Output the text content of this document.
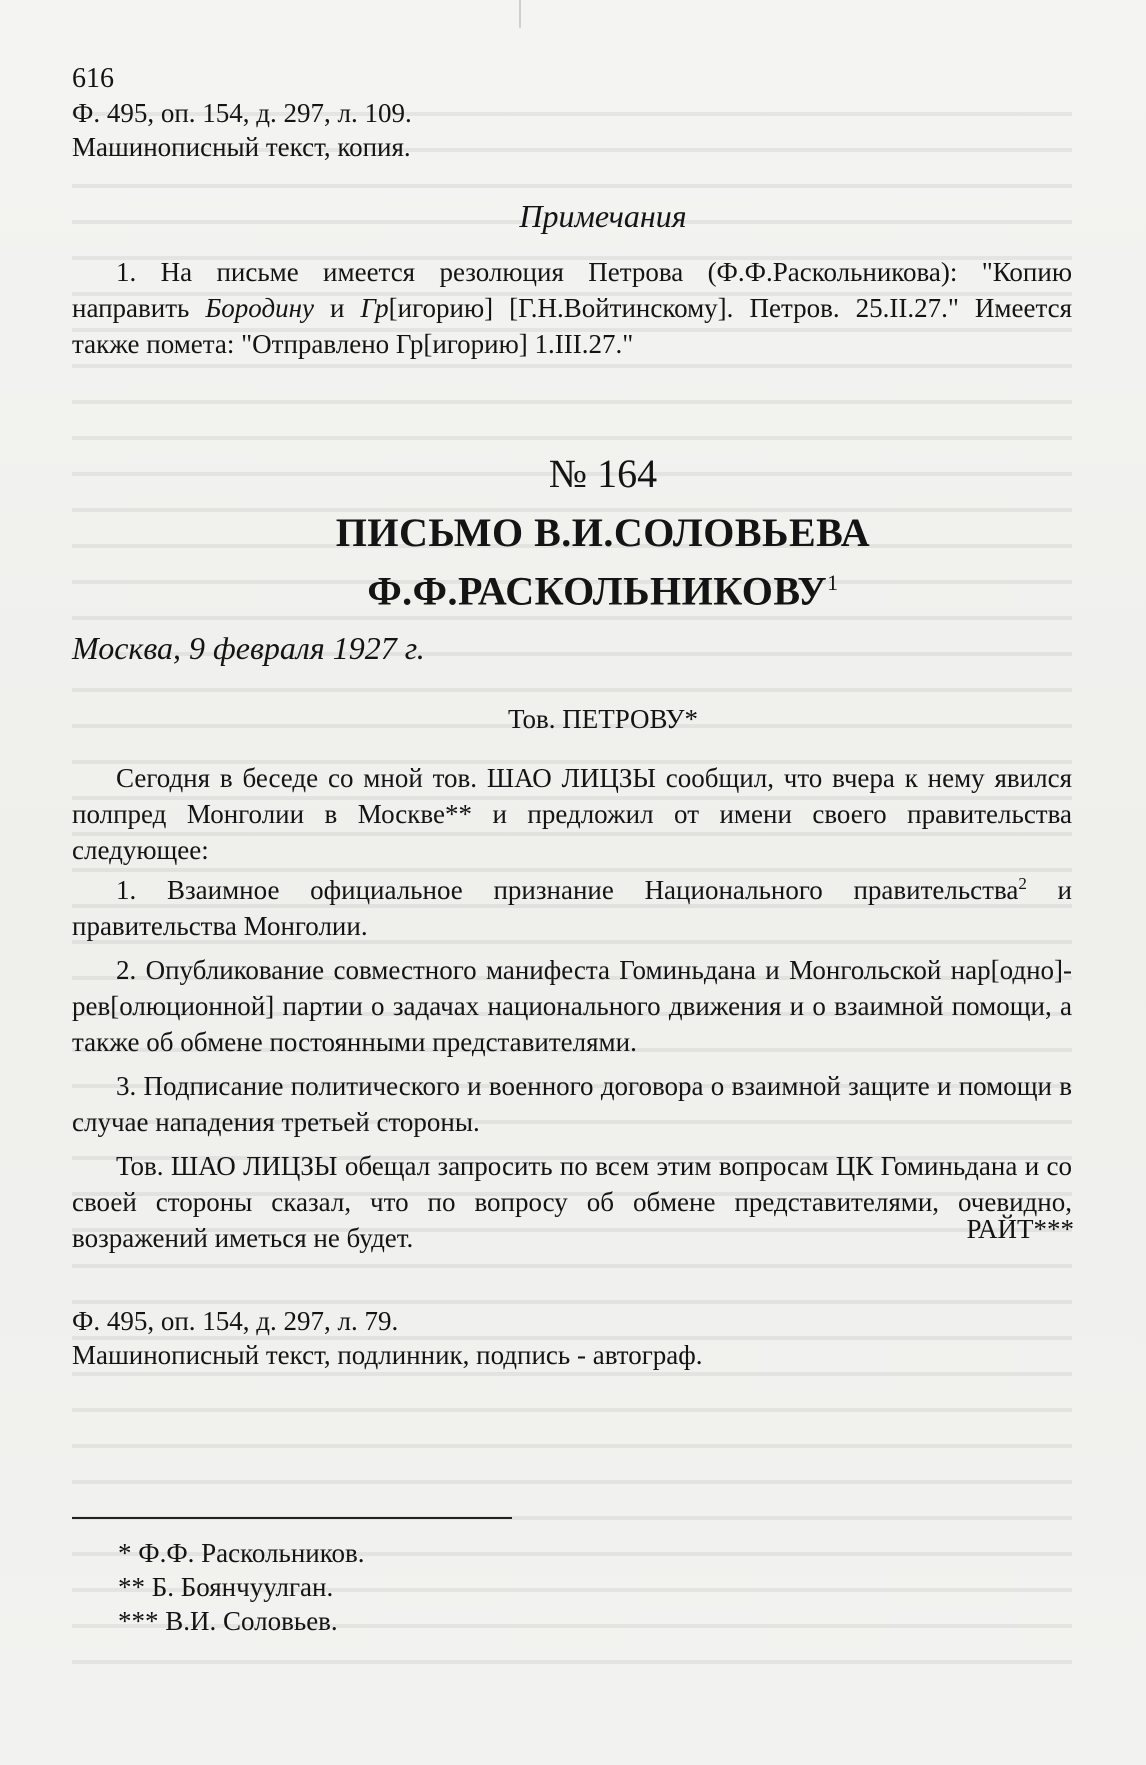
616
Ф. 495, оп. 154, д. 297, л. 109.
Машинописный текст, копия.
Примечания

1. На письме имеется резолюция Петрова (Ф.Ф.Раскольникова): "Копию направить Бородину и Гр[игорию] [Г.Н.Войтинскому]. Петров. 25.II.27." Имеется также помета: "Отправлено Гр[игорию] 1.III.27."

№ 164
ПИСЬМО В.И.СОЛОВЬЕВА
Ф.Ф.РАСКОЛЬНИКОВУ$^1$
Москва, 9 февраля 1927 г.
Тов. ПЕТРОВУ*

Сегодня в беседе со мной тов. ШАО ЛИЦЗЫ сообщил, что вчера к нему явился полпред Монголии в Москве** и предложил от имени своего правительства следующее:

1. Взаимное официальное признание Национального правительства$^2$ и правительства Монголии.

2. Опубликование совместного манифеста Гоминьдана и Монгольской нар[одно]-рев[олюционной] партии о задачах национального движения и о взаимной помощи, а также об обмене постоянными представителями.

3. Подписание политического и военного договора о взаимной защите и помощи в случае нападения третьей стороны.

Тов. ШАО ЛИЦЗЫ обещал запросить по всем этим вопросам ЦК Гоминьдана и со своей стороны сказал, что по вопросу об обмене представителями, очевидно, возражений иметься не будет.	РАЙТ***
Ф. 495, оп. 154, д. 297, л. 79.
Машинописный текст, подлинник, подпись - автограф.
* Ф.Ф. Раскольников.
** Б. Боянчуулган.
*** В.И. Соловьев.
